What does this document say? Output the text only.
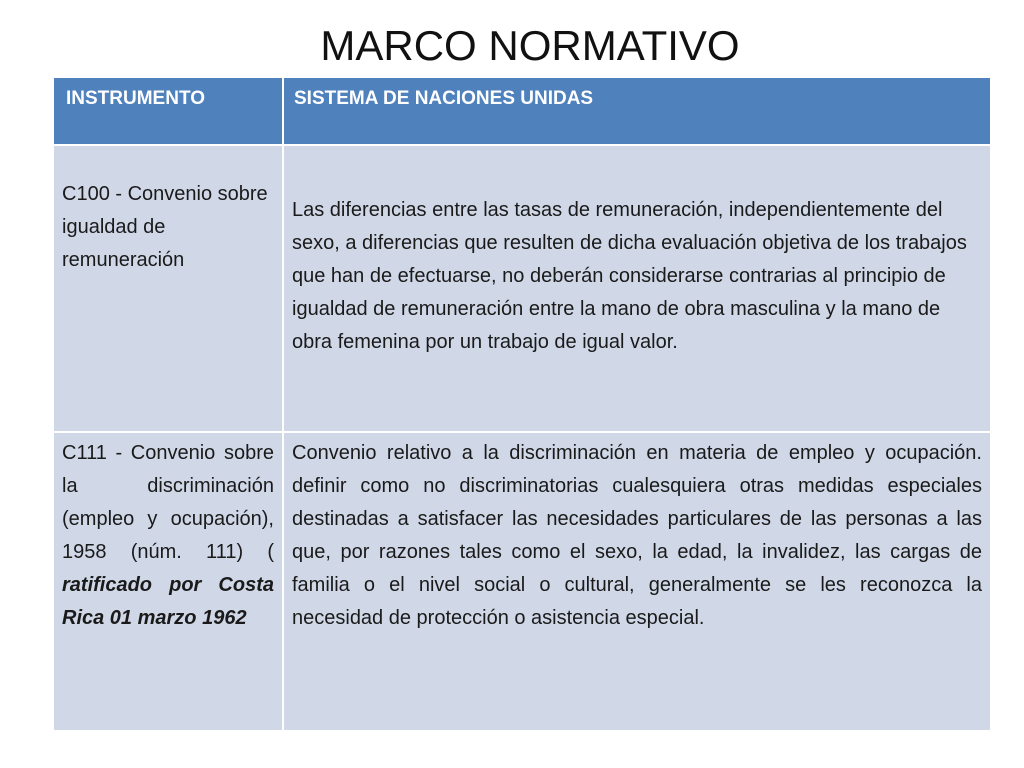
MARCO NORMATIVO
INSTRUMENTO	SISTEMA DE NACIONES UNIDAS
C100 - Convenio sobre igualdad de remuneración	Las diferencias entre las tasas de remuneración, independientemente del sexo, a diferencias que resulten de dicha evaluación objetiva de los trabajos que han de efectuarse, no deberán considerarse contrarias al principio de igualdad de remuneración entre la mano de obra masculina y la mano de obra femenina por un trabajo de igual valor.
C111 - Convenio sobre la discriminación (empleo y ocupación), 1958 (núm. 111) ( ratificado por Costa Rica 01 marzo 1962	Convenio relativo a la discriminación en materia de empleo y ocupación. definir como no discriminatorias cualesquiera otras medidas especiales destinadas a satisfacer las necesidades particulares de las personas a las que, por razones tales como el sexo, la edad, la invalidez, las cargas de familia o el nivel social o cultural, generalmente se les reconozca la necesidad de protección o asistencia especial.
